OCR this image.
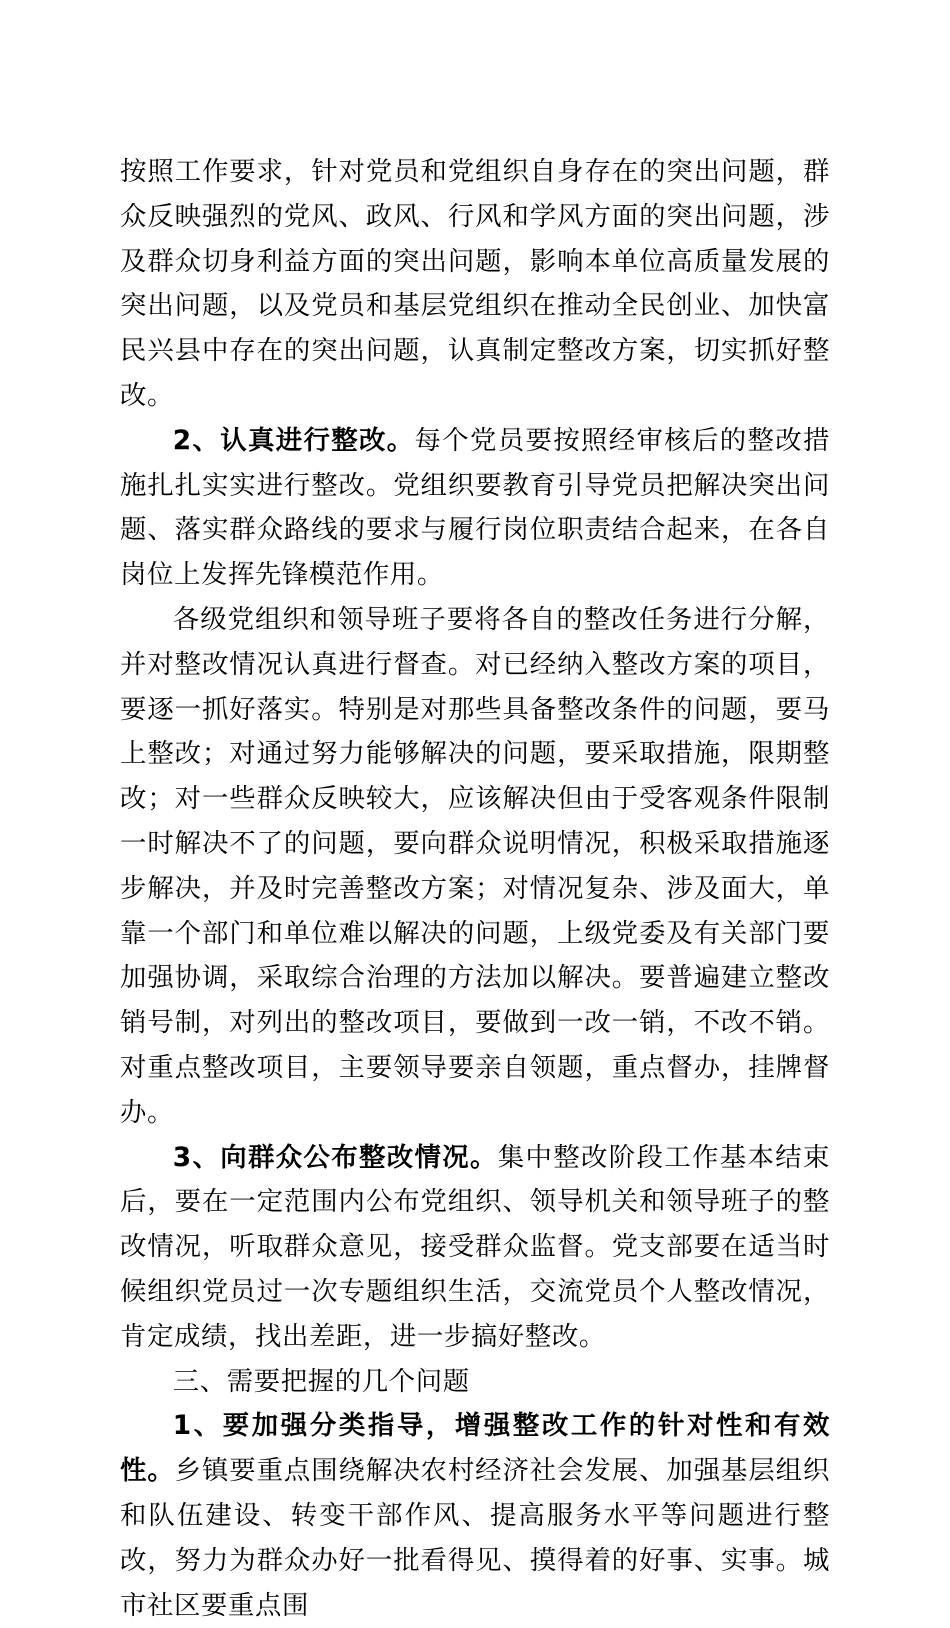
按照工作要求，针对党员和党组织自身存在的突出问题，群众反映强烈的党风、政风、行风和学风方面的突出问题，涉及群众切身利益方面的突出问题，影响本单位高质量发展的突出问题，以及党员和基层党组织在推动全民创业、加快富民兴县中存在的突出问题，认真制定整改方案，切实抓好整改。

2、认真进行整改。每个党员要按照经审核后的整改措施扎扎实实进行整改。党组织要教育引导党员把解决突出问题、落实群众路线的要求与履行岗位职责结合起来，在各自岗位上发挥先锋模范作用。

各级党组织和领导班子要将各自的整改任务进行分解，并对整改情况认真进行督查。对已经纳入整改方案的项目，要逐一抓好落实。特别是对那些具备整改条件的问题，要马上整改；对通过努力能够解决的问题，要采取措施，限期整改；对一些群众反映较大，应该解决但由于受客观条件限制一时解决不了的问题，要向群众说明情况，积极采取措施逐步解决，并及时完善整改方案；对情况复杂、涉及面大，单靠一个部门和单位难以解决的问题，上级党委及有关部门要加强协调，采取综合治理的方法加以解决。要普遍建立整改销号制，对列出的整改项目，要做到一改一销，不改不销。对重点整改项目，主要领导要亲自领题，重点督办，挂牌督办。

3、向群众公布整改情况。集中整改阶段工作基本结束后，要在一定范围内公布党组织、领导机关和领导班子的整改情况，听取群众意见，接受群众监督。党支部要在适当时候组织党员过一次专题组织生活，交流党员个人整改情况，肯定成绩，找出差距，进一步搞好整改。

三、需要把握的几个问题

1、要加强分类指导，增强整改工作的针对性和有效性。乡镇要重点围绕解决农村经济社会发展、加强基层组织和队伍建设、转变干部作风、提高服务水平等问题进行整改，努力为群众办好一批看得见、摸得着的好事、实事。城市社区要重点围
